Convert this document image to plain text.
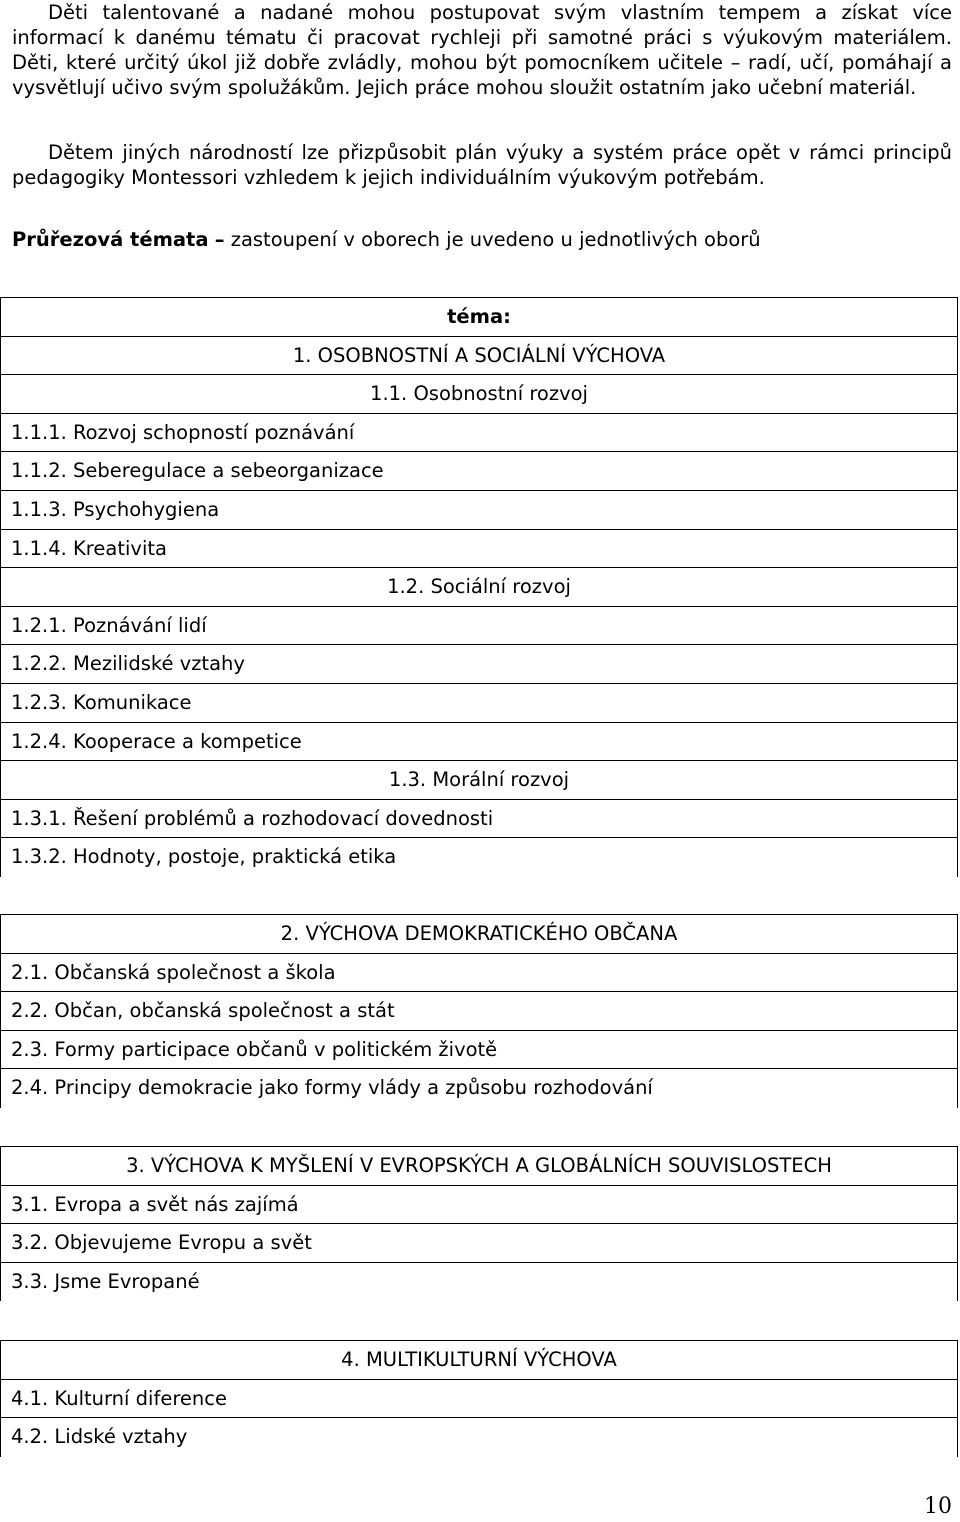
Děti talentované a nadané mohou postupovat svým vlastním tempem a získat více informací k danému tématu či pracovat rychleji při samotné práci s výukovým materiálem. Děti, které určitý úkol již dobře zvládly, mohou být pomocníkem učitele – radí, učí, pomáhají a vysvětlují učivo svým spolužákům. Jejich práce mohou sloužit ostatním jako učební materiál.

Dětem jiných národností lze přizpůsobit plán výuky a systém práce opět v rámci principů pedagogiky Montessori vzhledem k jejich individuálním výukovým potřebám.

Průřezová témata – zastoupení v oborech je uvedeno u jednotlivých oborů

téma:
1. OSOBNOSTNÍ A SOCIÁLNÍ VÝCHOVA
1.1. Osobnostní rozvoj
1.1.1. Rozvoj schopností poznávání
1.1.2. Seberegulace a sebeorganizace
1.1.3. Psychohygiena
1.1.4. Kreativita
1.2. Sociální rozvoj
1.2.1. Poznávání lidí
1.2.2. Mezilidské vztahy
1.2.3. Komunikace
1.2.4. Kooperace a kompetice
1.3. Morální rozvoj
1.3.1. Řešení problémů a rozhodovací dovednosti
1.3.2. Hodnoty, postoje, praktická etika
2. VÝCHOVA DEMOKRATICKÉHO OBČANA
2.1. Občanská společnost a škola
2.2. Občan, občanská společnost a stát
2.3. Formy participace občanů v politickém životě
2.4. Principy demokracie jako formy vlády a způsobu rozhodování
3. VÝCHOVA K MYŠLENÍ V EVROPSKÝCH A GLOBÁLNÍCH SOUVISLOSTECH
3.1. Evropa a svět nás zajímá
3.2. Objevujeme Evropu a svět
3.3. Jsme Evropané
4. MULTIKULTURNÍ VÝCHOVA
4.1. Kulturní diference
4.2. Lidské vztahy
10
